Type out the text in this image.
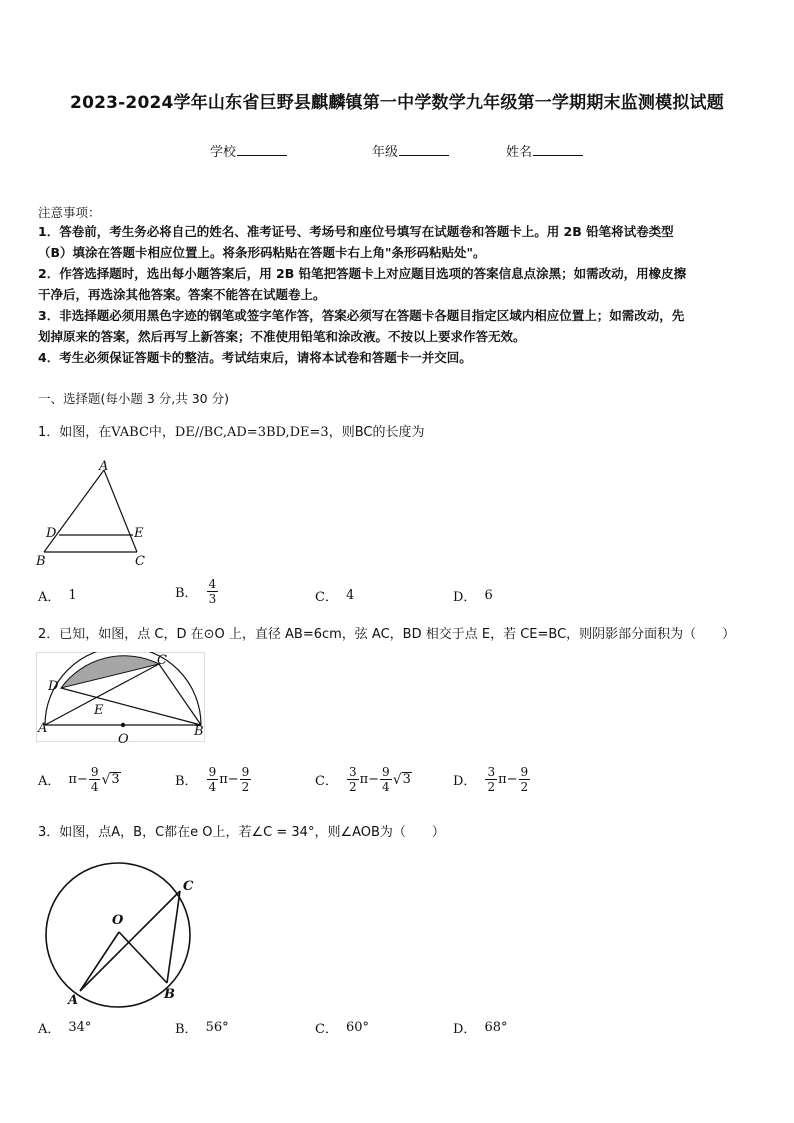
2023-2024学年山东省巨野县麒麟镇第一中学数学九年级第一学期期末监测模拟试题
学校	年级	姓名
注意事项：

1．答卷前，考生务必将自己的姓名、准考证号、考场号和座位号填写在试题卷和答题卡上。用 2B 铅笔将试卷类型

（B）填涂在答题卡相应位置上。将条形码粘贴在答题卡右上角"条形码粘贴处"。

2．作答选择题时，选出每小题答案后，用 2B 铅笔把答题卡上对应题目选项的答案信息点涂黑；如需改动，用橡皮擦

干净后，再选涂其他答案。答案不能答在试题卷上。

3．非选择题必须用黑色字迹的钢笔或签字笔作答，答案必须写在答题卡各题目指定区域内相应位置上；如需改动，先

划掉原来的答案，然后再写上新答案；不准使用铅笔和涂改液。不按以上要求作答无效。

4．考生必须保证答题卡的整洁。考试结束后，请将本试卷和答题卡一并交回。

一、选择题(每小题 3 分,共 30 分)
1．如图，在VABC中，DE//BC,AD=3BD,DE=3，则BC的长度为
A
D	E
B	C
A． 1	B． $\frac{4}{3}$	C． 4	D． 6
2．已知，如图，点 C，D 在⊙O 上，直径 AB=6cm，弦 AC，BD 相交于点 E，若 CE=BC，则阴影部分面积为（　　）
C
D
E
A	B
O
A． $\pi - \frac{9}{4}$ √ 3	B． $\frac{9}{4}$ $\pi - \frac{9}{2}$	C． $\frac{3}{2}$ $\pi - \frac{9}{4}$ √ 3	D． $\frac{3}{2}$ $\pi - \frac{9}{2}$
3．如图，点A，B，C都在e O上，若∠C = 34°，则∠AOB为（　　）
O
C
A	B
A． 34°	B． 56°	C． 60°	D． 68°
